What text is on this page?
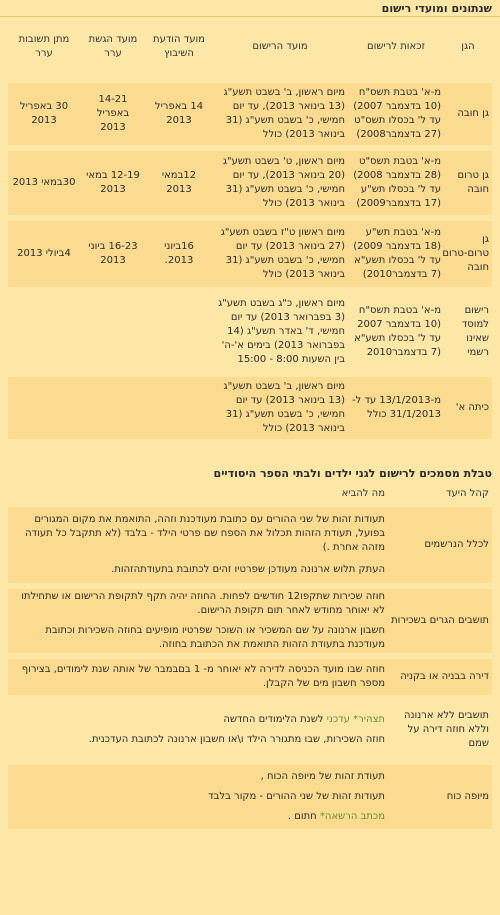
שנתונים ומועדי רישום
הגן	זכאות לרישום	מועד הרישום	מועד הודעת השיבוץ	מועד הגשת ערר	מתן תשובות ערר

גן חובה	מ-א' בטבת תשס"ח (10 בדצמבר 2007) עד ל' בכסלו תשס"ט (27 בדצמבר2008)	מיום ראשון, ב' בשבט תשע"ג (13 בינואר 2013), עד יום חמישי, כ' בשבט תשע"ג (31 בינואר 2013) כולל	14 באפריל 2013	14-21 באפריל 2013	30 באפריל 2013

גן טרום חובה	מ-א' בטבת תשס"ט (28 בדצמבר 2008) עד ל' בכסלו תש"ע (17 בדצמבר2009)	מיום ראשון, ט' בשבט תשע"ג (20 בינואר 2013), עד יום חמישי, כ' בשבט תשע"ג (31 בינואר 2013) כולל	12במאי 2013	12-19 במאי 2013	30במאי 2013

גן טרום-טרום חובה	מ-א' בטבת תש"ע (18 בדצמבר 2009) עד ל' בכסלו תשע"א (7 בדצמבר2010)	מיום ראשון ט"ז בשבט תשע"ג (27 בינואר 2013) עד יום חמישי, כ' בשבט תשע"ג (31 בינואר 2013) כולל	16ביוני 2013.	16-23 ביוני 2013	4ביולי 2013

רישום למוסד שאינו רשמי	מ-א' בטבת תשס"ח (10 בדצמבר 2007 עד ל' בכסלו תשע"א (7 בדצמבר2010	מיום ראשון, כ"ג בשבט תשע"ג (3 בפברואר 2013) עד יום חמישי, ד' באדר תשע"ג (14 בפברואר 2013) בימים א'-ה' בין השעות 8:00 - 15:00			

כיתה א'	מ-13/1/2013 עד ל- 31/1/2013 כולל	מיום ראשון, ב' בשבט תשע"ג (13 בינואר 2013) עד יום חמישי, כ' בשבט תשע"ג (31 בינואר 2013) כולל			
טבלת מסמכים לרישום לגני ילדים ולבתי הספר היסודיים
קהל היעד	מה להביא
לכלל הנרשמים	תעודות זהות של שני ההורים עם כתובת מעודכנת וזהה, התואמת את מקום המגורים בפועל, תעודת הזהות תכלול את הספח שם פרטי הילד - בלבד (לא תתקבל כל תעודה מזהה אחרת .)

העתק תלוש ארנונה מעודכן שפרטיו זהים לכתובת בתעודתהזהות.

תושבים הגרים בשכירות	חוזה שכירות שתקפו12 חודשים לפחות. החוזה יהיה תקף לתקופת הרישום או שתחילתו לא יאוחר מחודש לאחר תום תקופת הרישום.

חשבון ארנונה על שם המשכיר או השוכר שפרטיו מופיעים בחוזה השכירות וכתובת מעודכנת בתעודת הזהות התואמת את הכתובת בחוזה.

דירה בבניה או בקניה	חוזה שבו מועד הכניסה לדירה לא יאוחר מ- 1 בםבמבר של אותה שנת לימודים, בצירוף מספר חשבון מים של הקבלן.

תושבים ללא ארנונה וללא חוזה דירה על שמם	תצהיר* עדכני לשנת הלימודים החדשה

חוזה השכירות, שבו מתגורר הילד ו\או חשבון ארנונה לכתובת העדכנית.

מיופה כוח	תעודת זהות של מיופה הכוח ,

תעודות זהות של שני ההורים - מקור בלבד

מכתב הרשאה* חתום .
